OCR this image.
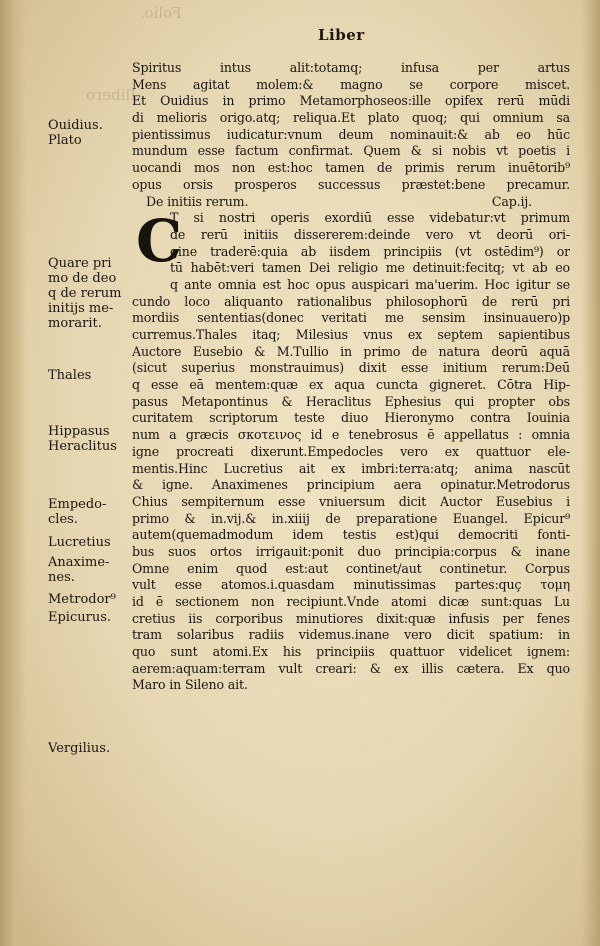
Folio.
Ilibero
Liber
Ouidius.
Plato
Quare pri
mo de deo
q de rerum
initijs me-
morarit.
Thales
Hippasus
Heraclitus
Empedo-
cles.
Lucretius
Anaxime-
nes.
Metrodor⁹
Epicurus.
Vergilius.
Spiritus intus alit:totamq; infusa per artus
Mens agitat molem:& magno se corpore miscet.
Et Ouidius in primo Metamorphoseos:ille opifex rerū mūdi
di melioris origo.atq; reliqua.Et plato quoq; qui omnium sa
pientissimus iudicatur:vnum deum nominauit:& ab eo hūc
mundum esse factum confirmat. Quem & si nobis vt poetis i
uocandi mos non est:hoc tamen de primis rerum inuētorib⁹
opus orsis prosperos successus præstet:bene precamur.
De initiis rerum.	Cap.ij.
C
T si nostri operis exordiū esse videbatur:vt primum
de rerū initiis dissererem:deinde vero vt deorū ori-
gine traderē:quia ab iisdem principiis (vt ostēdim⁹) or
tū habēt:veri tamen Dei religio me detinuit:fecitq; vt ab eo
q ante omnia est hoc opus auspicari ma'uerim. Hoc igitur se
cundo loco aliquanto rationalibus philosophorū de rerū pri
mordiis sententias(donec veritati me sensim insinuauero)p
curremus.Thales itaq; Milesius vnus ex septem sapientibus
Auctore Eusebio & M.Tullio in primo de natura deorū aquā
(sicut superius monstrauimus) dixit esse initium rerum:Deū
q esse eā mentem:quæ ex aqua cuncta gigneret. Cōtra Hip-
pasus Metapontinus & Heraclitus Ephesius qui propter obs
curitatem scriptorum teste diuo Hieronymo contra Iouinia
num a græcis σκοτεινος id e tenebrosus ē appellatus : omnia
igne procreati dixerunt.Empedocles vero ex quattuor ele-
mentis.Hinc Lucretius ait ex imbri:terra:atq; anima nascūt
& igne. Anaximenes principium aera opinatur.Metrodorus
Chius sempiternum esse vniuersum dicit Auctor Eusebius i
primo & in.vij.& in.xiiij de preparatione Euangel. Epicur⁹
autem(quemadmodum idem testis est)qui democriti fonti-
bus suos ortos irrigauit:ponit duo principia:corpus & inane
Omne enim quod est:aut continet/aut continetur. Corpus
vult esse atomos.i.quasdam minutissimas partes:quç τομη
id ē sectionem non recipiunt.Vnde atomi dicæ sunt:quas Lu
cretius iis corporibus minutiores dixit:quæ infusis per fenes
tram solaribus radiis videmus.inane vero dicit spatium: in
quo sunt atomi.Ex his principiis quattuor videlicet ignem:
aerem:aquam:terram vult creari: & ex illis cætera. Ex quo
Maro in Sileno ait.
